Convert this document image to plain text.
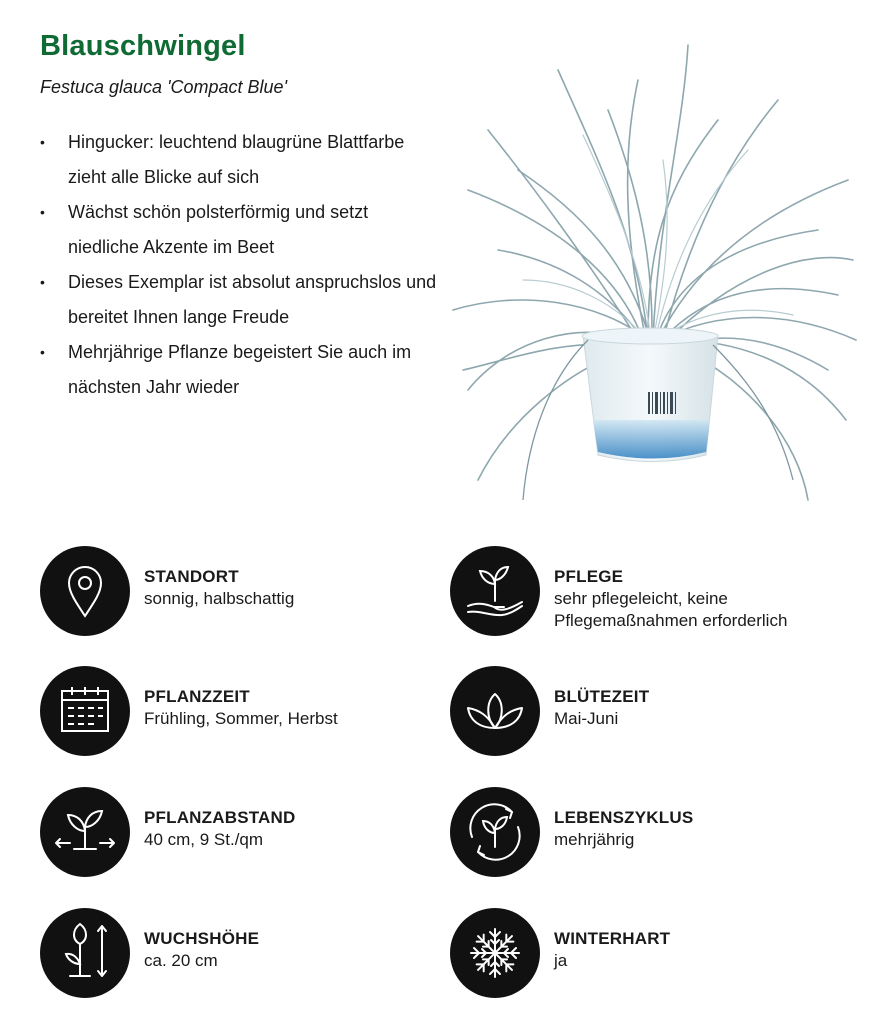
Blauschwingel
Festuca glauca 'Compact Blue'
• Hingucker: leuchtend blaugrüne Blattfarbe zieht alle Blicke auf sich
• Wächst schön polsterförmig und setzt niedliche Akzente im Beet
• Dieses Exemplar ist absolut anspruchslos und bereitet Ihnen lange Freude
• Mehrjährige Pflanze begeistert Sie auch im nächsten Jahr wieder
STANDORT
sonnig, halbschattig
PFLEGE
sehr pflegeleicht, keine Pflegemaßnahmen erforderlich
PFLANZZEIT
Frühling, Sommer, Herbst
BLÜTEZEIT
Mai-Juni
PFLANZABSTAND
40 cm, 9 St./qm
LEBENSZYKLUS
mehrjährig
WUCHSHÖHE
ca. 20 cm
WINTERHART
ja
